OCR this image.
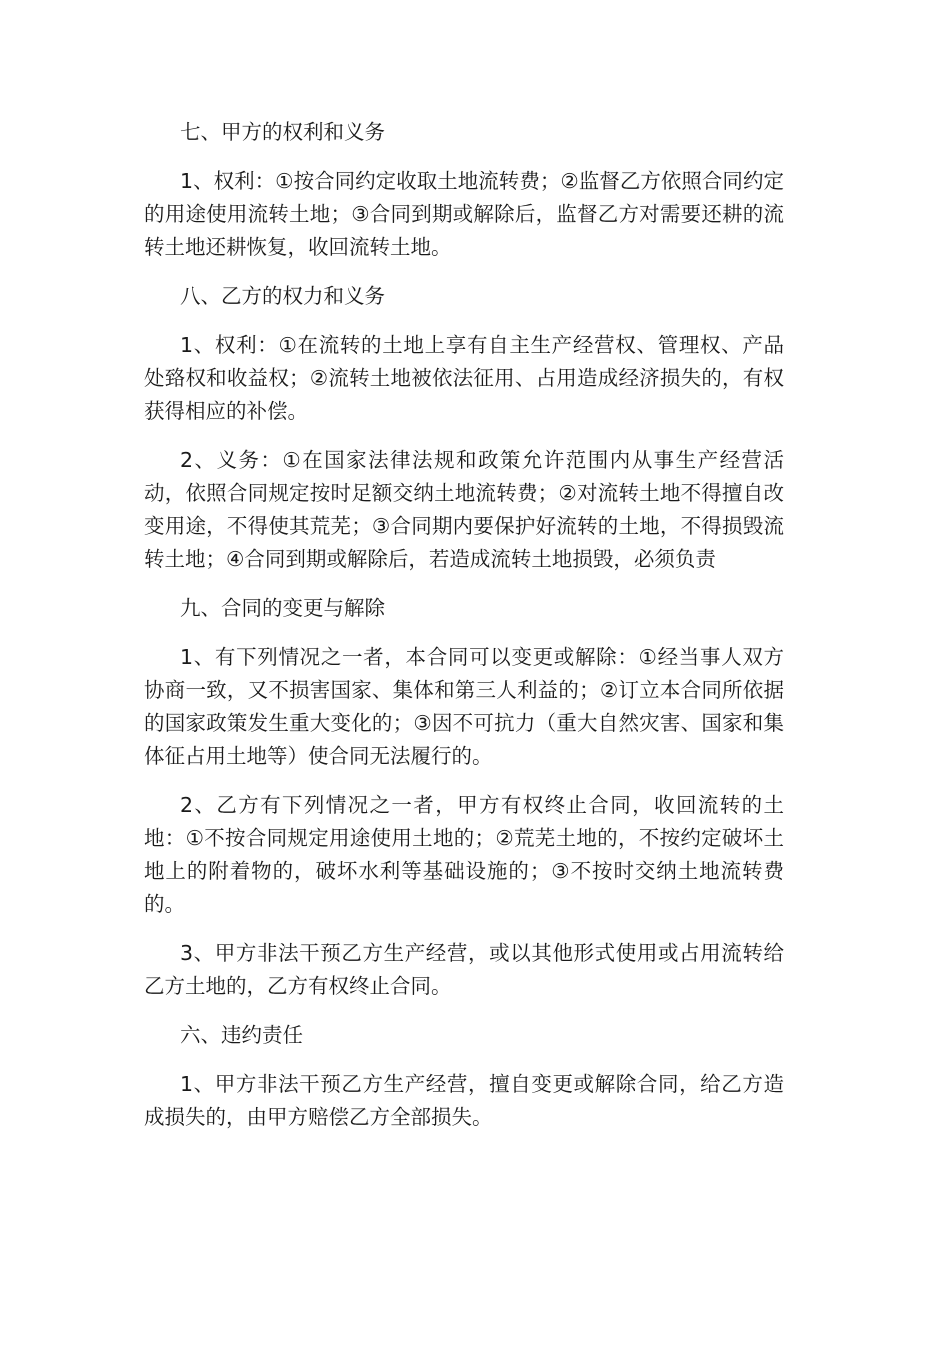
七、甲方的权利和义务

1、权利：①按合同约定收取土地流转费；②监督乙方依照合同约定的用途使用流转土地；③合同到期或解除后，监督乙方对需要还耕的流转土地还耕恢复，收回流转土地。

八、乙方的权力和义务

1、权利：①在流转的土地上享有自主生产经营权、管理权、产品处臵权和收益权；②流转土地被依法征用、占用造成经济损失的，有权获得相应的补偿。

2、义务：①在国家法律法规和政策允许范围内从事生产经营活动，依照合同规定按时足额交纳土地流转费；②对流转土地不得擅自改变用途，不得使其荒芜；③合同期内要保护好流转的土地，不得损毁流转土地；④合同到期或解除后，若造成流转土地损毁，必须负责

九、合同的变更与解除

1、有下列情况之一者，本合同可以变更或解除：①经当事人双方协商一致，又不损害国家、集体和第三人利益的；②订立本合同所依据的国家政策发生重大变化的；③因不可抗力（重大自然灾害、国家和集体征占用土地等）使合同无法履行的。

2、乙方有下列情况之一者，甲方有权终止合同，收回流转的土地：①不按合同规定用途使用土地的；②荒芜土地的，不按约定破坏土地上的附着物的，破坏水利等基础设施的；③不按时交纳土地流转费的。

3、甲方非法干预乙方生产经营，或以其他形式使用或占用流转给乙方土地的，乙方有权终止合同。

六、违约责任

1、甲方非法干预乙方生产经营，擅自变更或解除合同，给乙方造成损失的，由甲方赔偿乙方全部损失。
